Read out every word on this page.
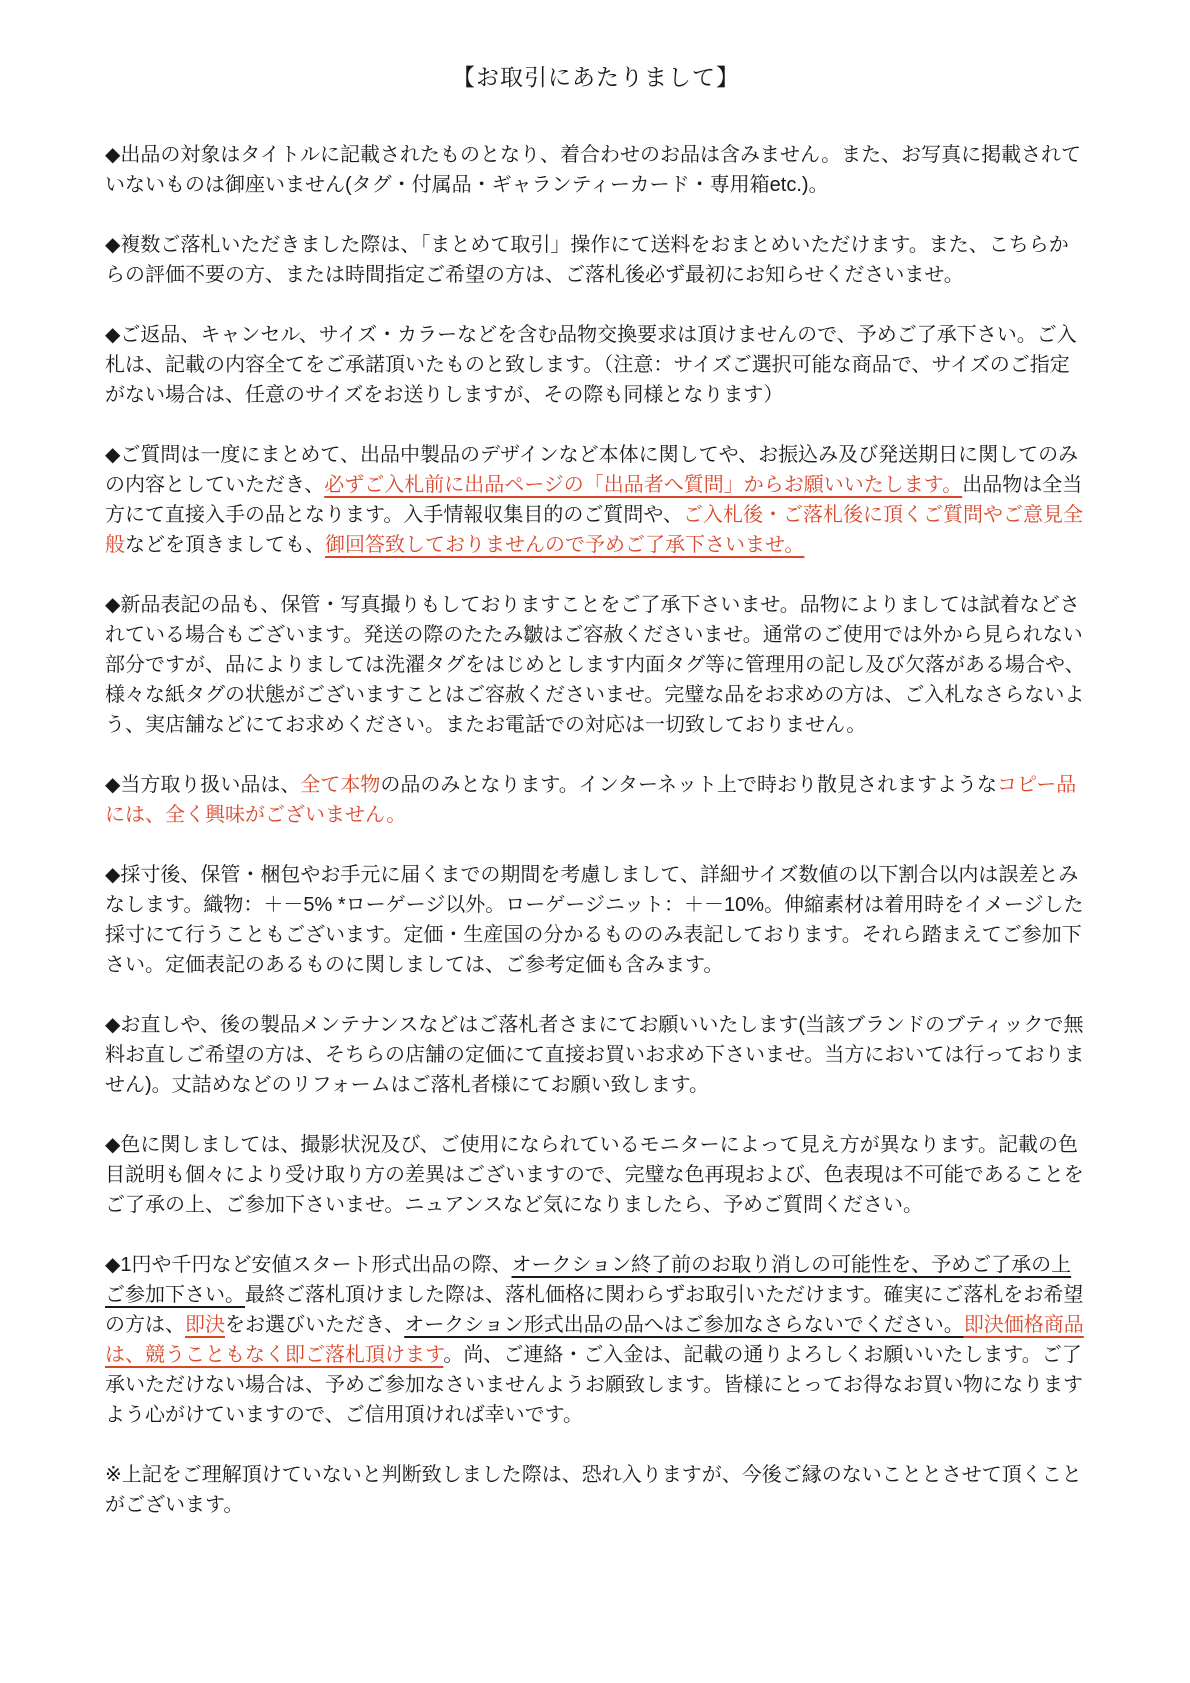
【お取引にあたりまして】

◆出品の対象はタイトルに記載されたものとなり、着合わせのお品は含みません。また、お写真に掲載されていないものは御座いません(タグ・付属品・ギャランティーカード・専用箱etc.)。

◆複数ご落札いただきました際は、「まとめて取引」操作にて送料をおまとめいただけます。また、こちらからの評価不要の方、または時間指定ご希望の方は、ご落札後必ず最初にお知らせくださいませ。

◆ご返品、キャンセル、サイズ・カラーなどを含む品物交換要求は頂けませんので、予めご了承下さい。ご入札は、記載の内容全てをご承諾頂いたものと致します。（注意：サイズご選択可能な商品で、サイズのご指定がない場合は、任意のサイズをお送りしますが、その際も同様となります）

◆ご質問は一度にまとめて、出品中製品のデザインなど本体に関してや、お振込み及び発送期日に関してのみの内容としていただき、必ずご入札前に出品ページの「出品者へ質問」からお願いいたします。出品物は全当方にて直接入手の品となります。入手情報収集目的のご質問や、ご入札後・ご落札後に頂くご質問やご意見全般などを頂きましても、御回答致しておりませんので予めご了承下さいませ。

◆新品表記の品も、保管・写真撮りもしておりますことをご了承下さいませ。品物によりましては試着などされている場合もございます。発送の際のたたみ皺はご容赦くださいませ。通常のご使用では外から見られない部分ですが、品によりましては洗濯タグをはじめとします内面タグ等に管理用の記し及び欠落がある場合や、様々な紙タグの状態がございますことはご容赦くださいませ。完璧な品をお求めの方は、ご入札なさらないよう、実店舗などにてお求めください。またお電話での対応は一切致しておりません。

◆当方取り扱い品は、全て本物の品のみとなります。インターネット上で時おり散見されますようなコピー品には、全く興味がございません。

◆採寸後、保管・梱包やお手元に届くまでの期間を考慮しまして、詳細サイズ数値の以下割合以内は誤差とみなします。織物：＋－5% *ローゲージ以外。ローゲージニット：＋－10%。伸縮素材は着用時をイメージした採寸にて行うこともございます。定価・生産国の分かるもののみ表記しております。それら踏まえてご参加下さい。定価表記のあるものに関しましては、ご参考定価も含みます。

◆お直しや、後の製品メンテナンスなどはご落札者さまにてお願いいたします(当該ブランドのブティックで無料お直しご希望の方は、そちらの店舗の定価にて直接お買いお求め下さいませ。当方においては行っておりません)。丈詰めなどのリフォームはご落札者様にてお願い致します。

◆色に関しましては、撮影状況及び、ご使用になられているモニターによって見え方が異なります。記載の色目説明も個々により受け取り方の差異はございますので、完璧な色再現および、色表現は不可能であることをご了承の上、ご参加下さいませ。ニュアンスなど気になりましたら、予めご質問ください。

◆1円や千円など安値スタート形式出品の際、オークション終了前のお取り消しの可能性を、予めご了承の上ご参加下さい。最終ご落札頂けました際は、落札価格に関わらずお取引いただけます。確実にご落札をお希望の方は、即決をお選びいただき、オークション形式出品の品へはご参加なさらないでください。即決価格商品は、競うこともなく即ご落札頂けます。尚、ご連絡・ご入金は、記載の通りよろしくお願いいたします。ご了承いただけない場合は、予めご参加なさいませんようお願致します。皆様にとってお得なお買い物になりますよう心がけていますので、ご信用頂ければ幸いです。

※上記をご理解頂けていないと判断致しました際は、恐れ入りますが、今後ご縁のないこととさせて頂くことがございます。
